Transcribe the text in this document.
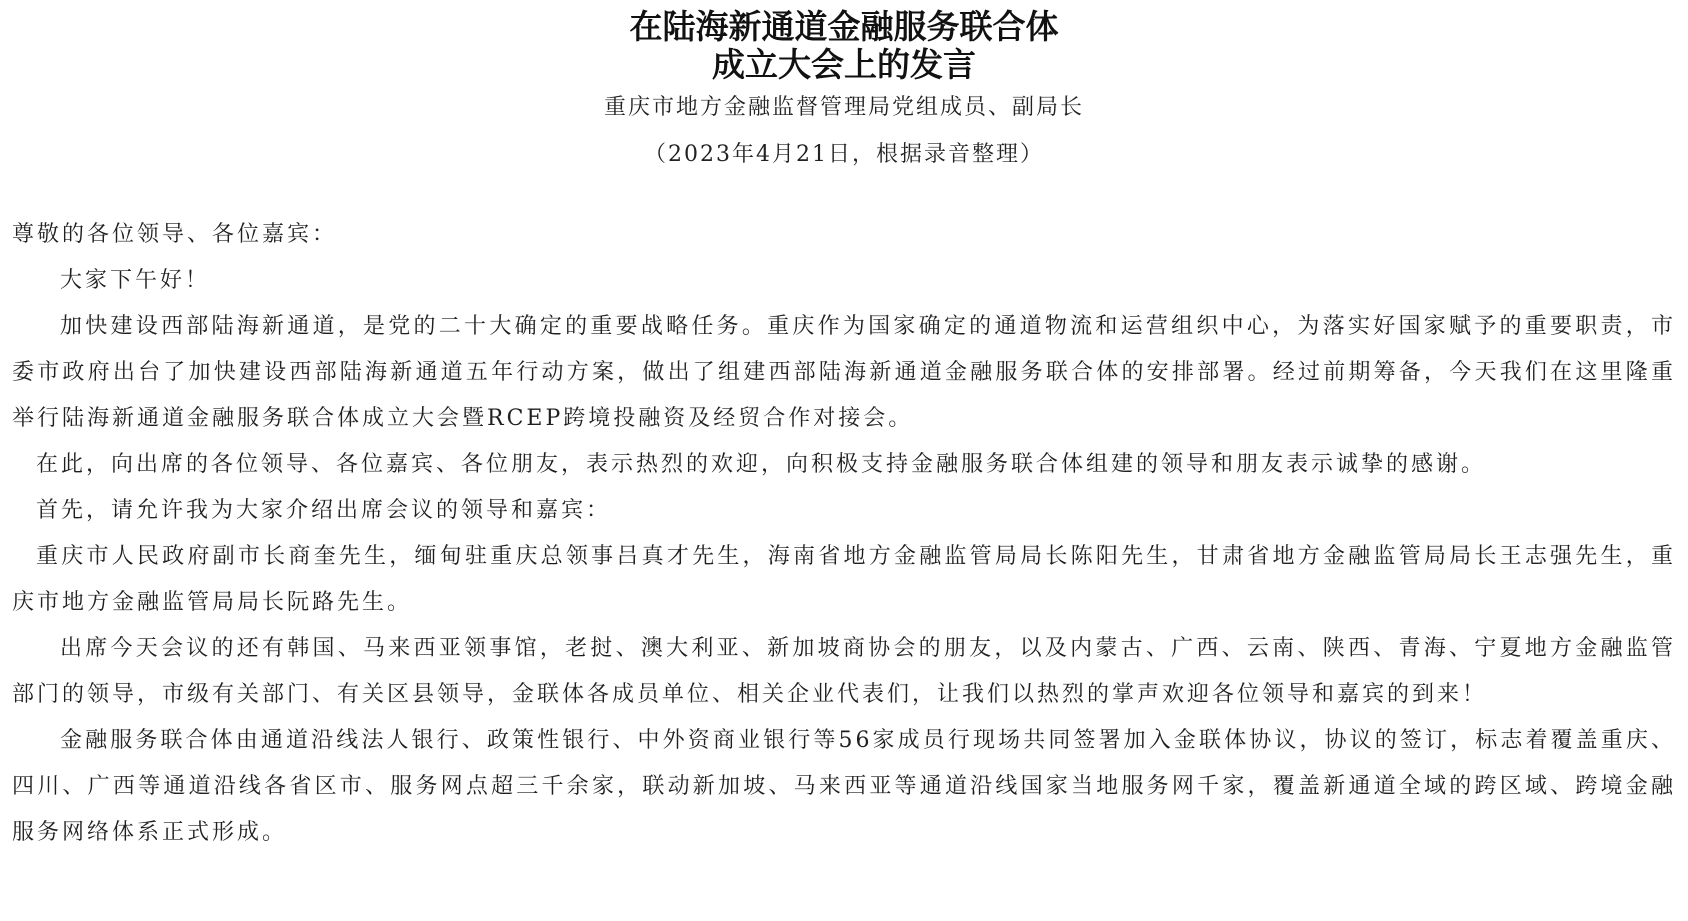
在陆海新通道金融服务联合体
成立大会上的发言
重庆市地方金融监督管理局党组成员、副局长
（2023年4月21日，根据录音整理）

尊敬的各位领导、各位嘉宾：

大家下午好！

加快建设西部陆海新通道，是党的二十大确定的重要战略任务。重庆作为国家确定的通道物流和运营组织中心，为落实好国家赋予的重要职责，市委市政府出台了加快建设西部陆海新通道五年行动方案，做出了组建西部陆海新通道金融服务联合体的安排部署。经过前期筹备，今天我们在这里隆重举行陆海新通道金融服务联合体成立大会暨RCEP跨境投融资及经贸合作对接会。

在此，向出席的各位领导、各位嘉宾、各位朋友，表示热烈的欢迎，向积极支持金融服务联合体组建的领导和朋友表示诚挚的感谢。

首先，请允许我为大家介绍出席会议的领导和嘉宾：

重庆市人民政府副市长商奎先生，缅甸驻重庆总领事吕真才先生，海南省地方金融监管局局长陈阳先生，甘肃省地方金融监管局局长王志强先生，重庆市地方金融监管局局长阮路先生。

出席今天会议的还有韩国、马来西亚领事馆，老挝、澳大利亚、新加坡商协会的朋友，以及内蒙古、广西、云南、陕西、青海、宁夏地方金融监管部门的领导，市级有关部门、有关区县领导，金联体各成员单位、相关企业代表们，让我们以热烈的掌声欢迎各位领导和嘉宾的到来！

金融服务联合体由通道沿线法人银行、政策性银行、中外资商业银行等56家成员行现场共同签署加入金联体协议，协议的签订，标志着覆盖重庆、四川、广西等通道沿线各省区市、服务网点超三千余家，联动新加坡、马来西亚等通道沿线国家当地服务网千家，覆盖新通道全域的跨区域、跨境金融服务网络体系正式形成。
